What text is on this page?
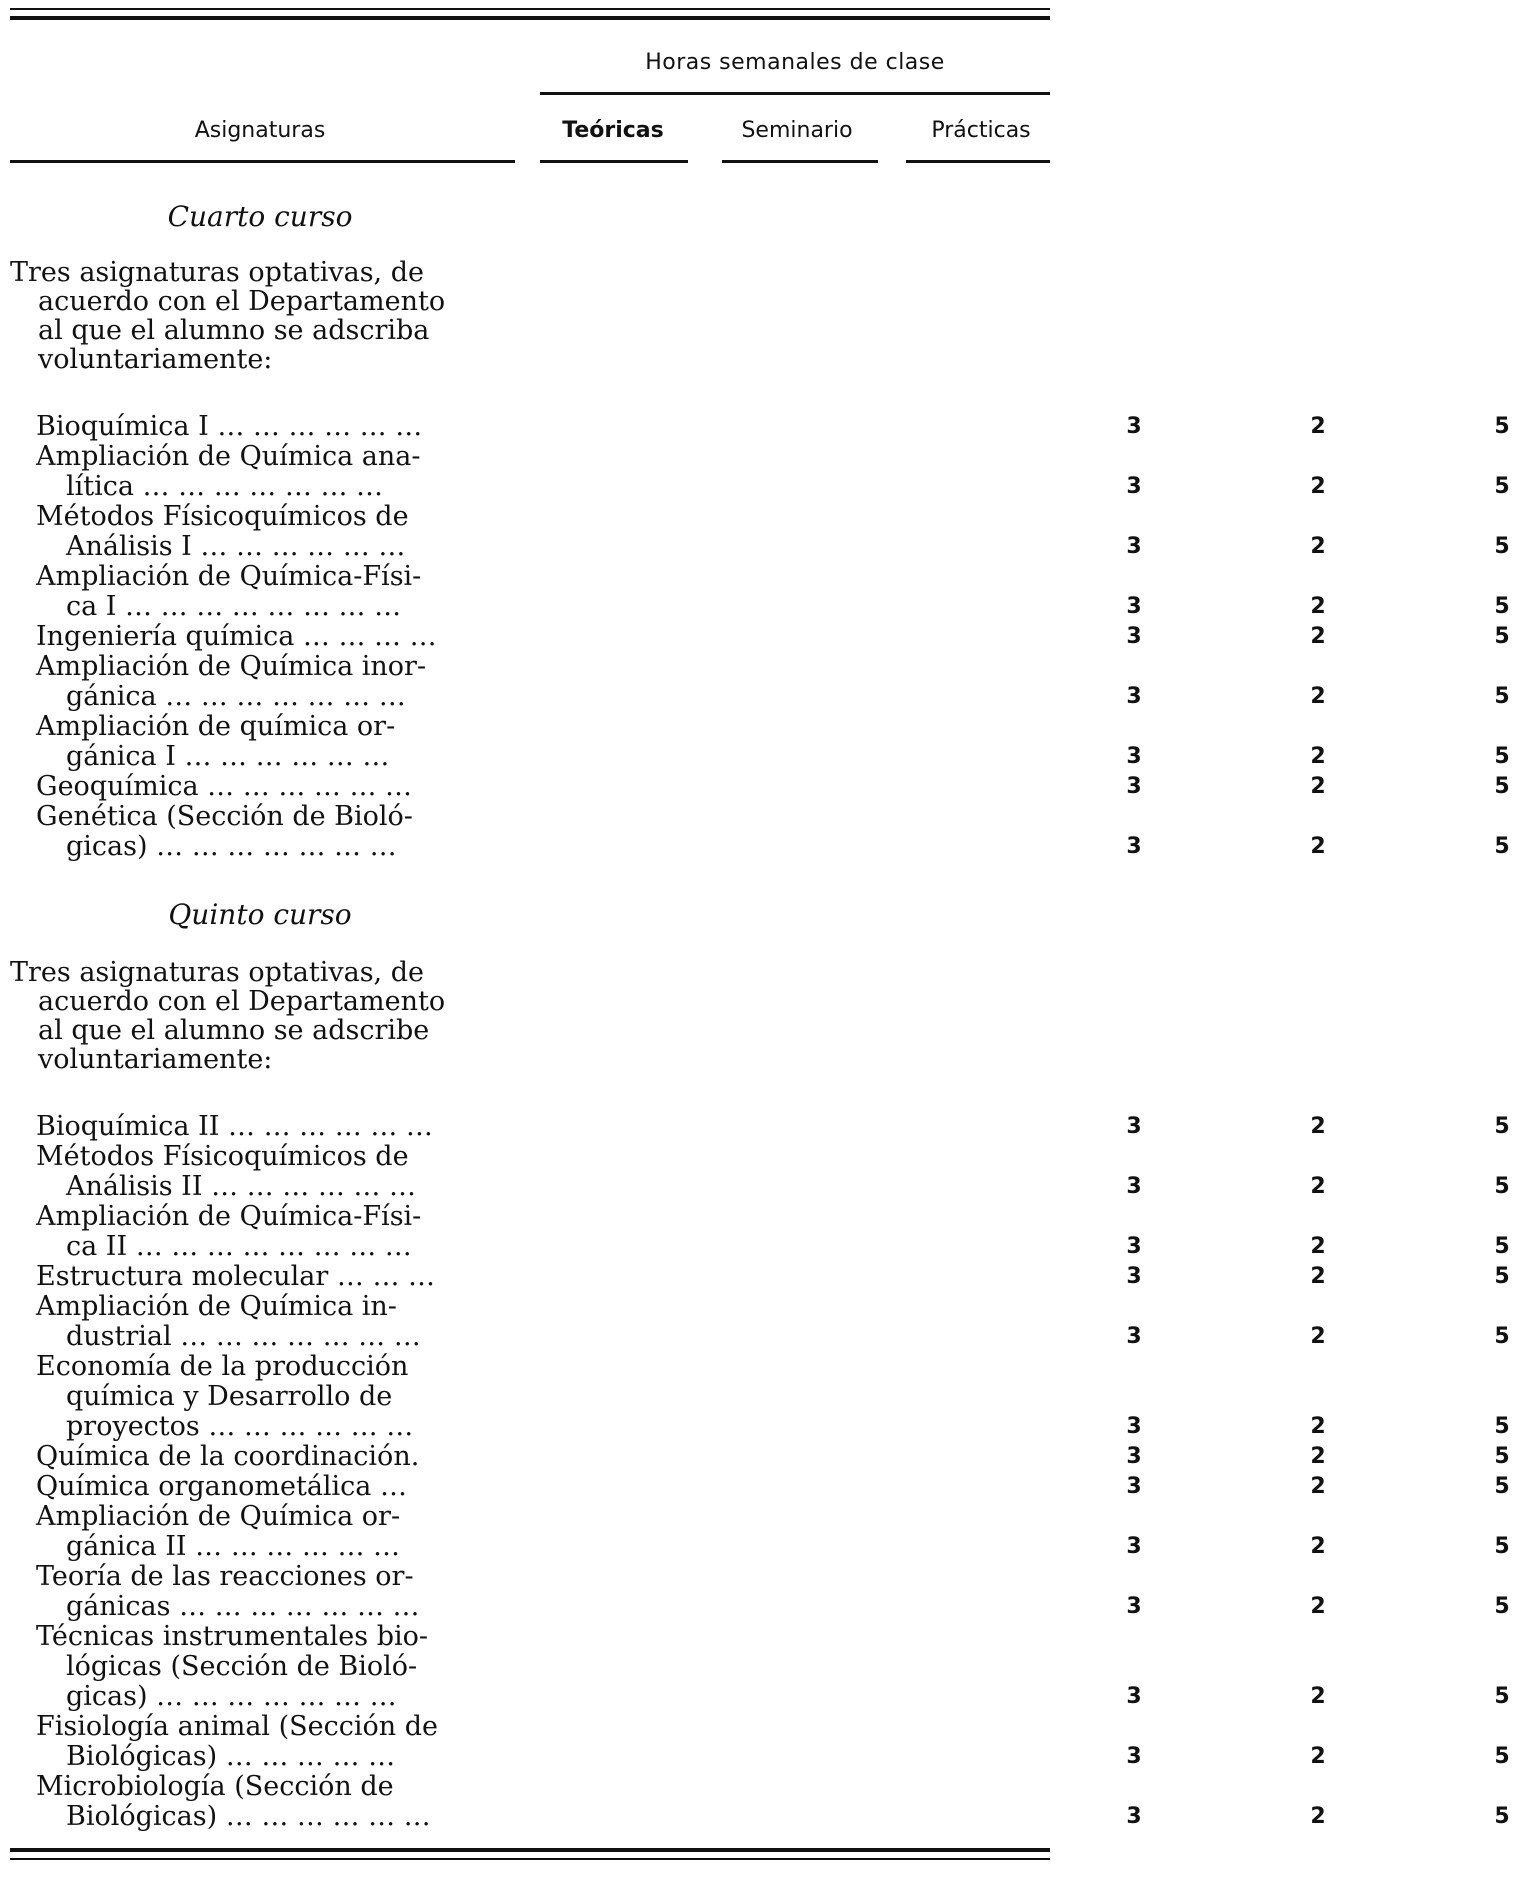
Horas semanales de clase
Asignaturas	Teóricas	Seminario	Prácticas
Cuarto curso
Tres asignaturas optativas, de
acuerdo con el Departamento
al que el alumno se adscriba
voluntariamente:
Bioquímica I … … … … … …	3	2	5
Ampliación de Química ana-
lítica … … … … … … …	3	2	5
Métodos Físicoquímicos de
Análisis I … … … … … …	3	2	5
Ampliación de Química-Físi-
ca I … … … … … … … …	3	2	5
Ingeniería química … … … …	3	2	5
Ampliación de Química inor-
gánica … … … … … … …	3	2	5
Ampliación de química or-
gánica I … … … … … …	3	2	5
Geoquímica … … … … … …	3	2	5
Genética (Sección de Bioló-
gicas) … … … … … … …	3	2	5
Quinto curso
Tres asignaturas optativas, de
acuerdo con el Departamento
al que el alumno se adscribe
voluntariamente:
Bioquímica II … … … … … …	3	2	5
Métodos Físicoquímicos de
Análisis II … … … … … …	3	2	5
Ampliación de Química-Físi-
ca II … … … … … … … …	3	2	5
Estructura molecular … … …	3	2	5
Ampliación de Química in-
dustrial … … … … … … …	3	2	5
Economía de la producción
química y Desarrollo de
proyectos … … … … … …	3	2	5
Química de la coordinación.	3	2	5
Química organometálica …	3	2	5
Ampliación de Química or-
gánica II … … … … … …	3	2	5
Teoría de las reacciones or-
gánicas … … … … … … …	3	2	5
Técnicas instrumentales bio-
lógicas (Sección de Bioló-
gicas) … … … … … … …	3	2	5
Fisiología animal (Sección de
Biológicas) … … … … …	3	2	5
Microbiología (Sección de
Biológicas) … … … … … …	3	2	5
